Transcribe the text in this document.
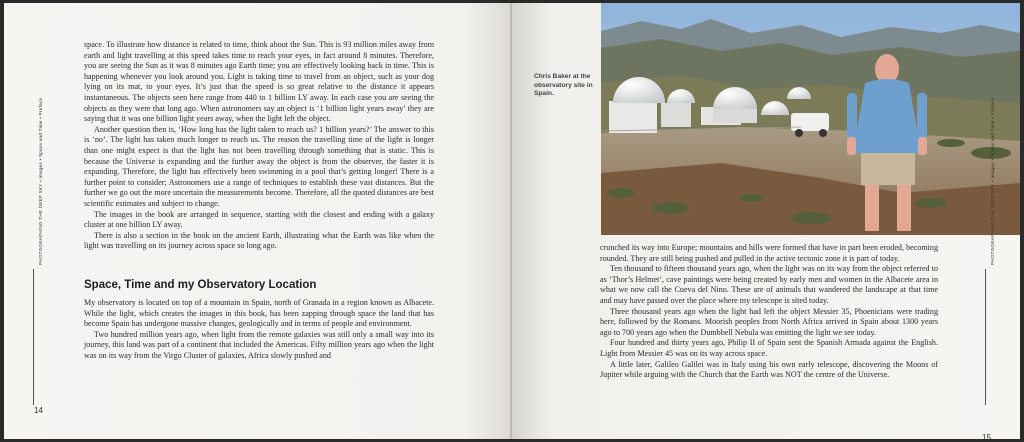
space. To illustrate how distance is related to time, think about the Sun. This is 93 million miles away from earth and light travelling at this speed takes time to reach your eyes, in fact around 8 minutes. Therefore, you are seeing the Sun as it was 8 minutes ago Earth time; you are effectively looking back in time. This is happening whenever you look around you. Light is taking time to travel from an object, such as your dog lying on its mat, to your eyes. It’s just that the speed is so great relative to the distance it appears instantaneous. The objects seen here range from 440 to 1 billion LY away. In each case you are seeing the objects as they were that long ago. When astronomers say an object is ‘1 billion light years away’ they are saying that it was one billion light years away, when the light left the object.

Another question then is, ‘How long has the light taken to reach us? 1 billion years?’ The answer to this is ‘no’. The light has taken much longer to reach us. The reason the travelling time of the light is longer than one might expect is that the light has not been travelling through something that is static. This is because the Universe is expanding and the further away the object is from the observer, the faster it is expanding. Therefore, the light has effectively been swimming in a pool that’s getting longer! There is a further point to consider; Astronomers use a range of techniques to establish these vast distances. But the further we go out the more uncertain the measurements become. Therefore, all the quoted distances are best scientific estimates and subject to change.

The images in the book are arranged in sequence, starting with the closest and ending with a galaxy cluster at one billion LY away.

There is also a section in the book on the ancient Earth, illustrating what the Earth was like when the light was travelling on its journey across space so long ago.

Space, Time and my Observatory Location

My observatory is located on top of a mountain in Spain, north of Granada in a region known as Albacete. While the light, which creates the images in this book, has been zapping through space the land that has become Spain has undergone massive changes, geologically and in terms of people and environment.

Two hundred million years ago, when light from the remote galaxies was still only a small way into its journey, this land was part of a continent that included the Americas. Fifty million years ago when the light was on its way from the Virgo Cluster of galaxies, Africa slowly pushed and

PHOTOGRAPHING THE DEEP SKY • Images • Space and Time • Preface
14
Chris Baker at the observatory site in Spain.

crunched its way into Europe; mountains and hills were formed that have in part been eroded, becoming rounded. They are still being pushed and pulled in the active tectonic zone it is part of today.

Ten thousand to fifteen thousand years ago, when the light was on its way from the object referred to as ‘Thor’s Helmet’, cave paintings were being created by early men and women in the Albacete area in what we now call the Cueva del Nino. These are of animals that wandered the landscape at that time and may have passed over the place where my telescope is sited today.

Three thousand years ago when the light had left the object Messier 35, Phoenicians were trading here, followed by the Romans. Moorish peoples from North Africa arrived in Spain about 1300 years ago to 700 years ago when the Dumbbell Nebula was emitting the light we see today.

Four hundred and thirty years ago, Philip II of Spain sent the Spanish Armada against the English. Light from Messier 45 was on its way across space.

A little later, Galileo Galilei was in Italy using his own early telescope, discovering the Moons of Jupiter while arguing with the Church that the Earth was NOT the centre of the Universe.

PHOTOGRAPHING THE DEEP SKY • Images • Space and Time • Preface
15
